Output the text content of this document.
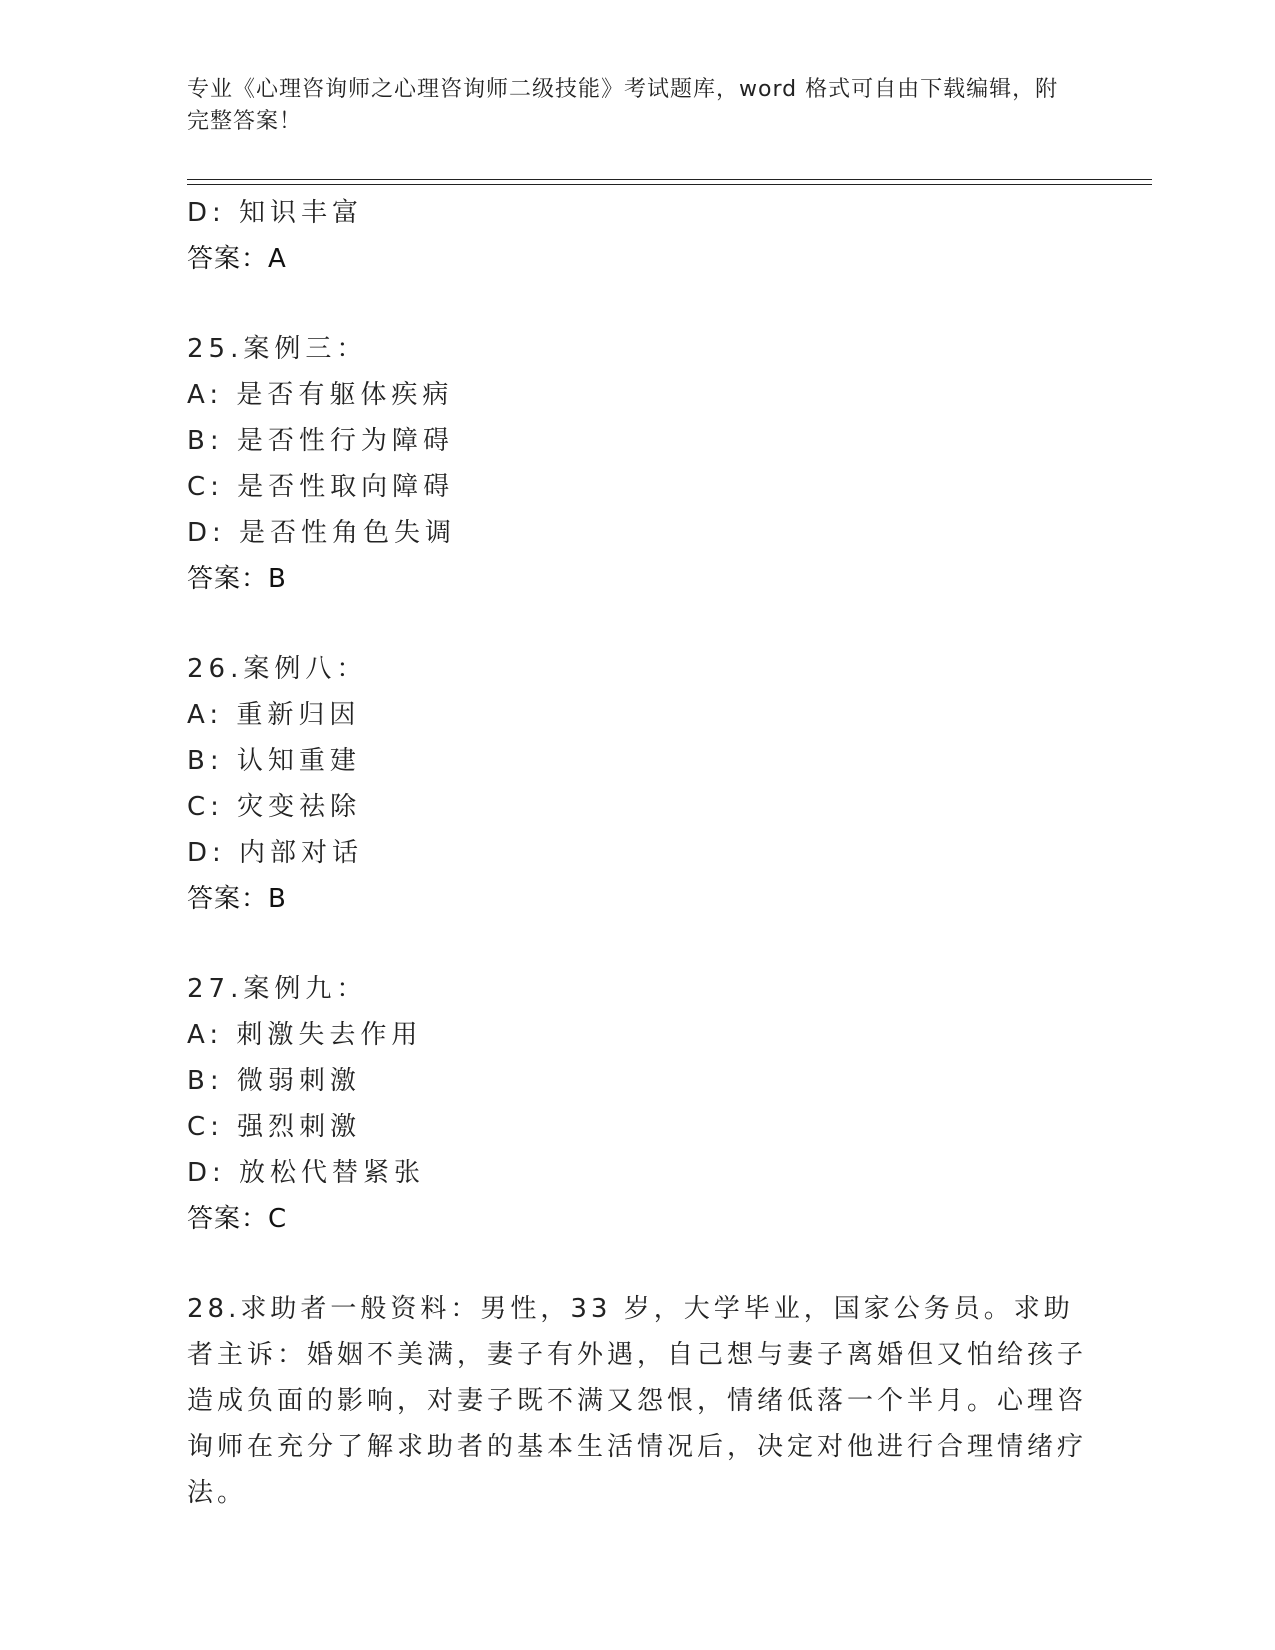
专业《心理咨询师之心理咨询师二级技能》考试题库，word 格式可自由下载编辑，附完整答案！
D: 知识丰富
答案：A
25.案例三：
A: 是否有躯体疾病
B: 是否性行为障碍
C: 是否性取向障碍
D: 是否性角色失调
答案：B
26.案例八：
A: 重新归因
B: 认知重建
C: 灾变祛除
D: 内部对话
答案：B
27.案例九：
A: 刺激失去作用
B: 微弱刺激
C: 强烈刺激
D: 放松代替紧张
答案：C
28.求助者一般资料：男性，33 岁，大学毕业，国家公务员。求助者主诉：婚姻不美满，妻子有外遇，自己想与妻子离婚但又怕给孩子造成负面的影响，对妻子既不满又怨恨，情绪低落一个半月。心理咨询师在充分了解求助者的基本生活情况后，决定对他进行合理情绪疗法。
